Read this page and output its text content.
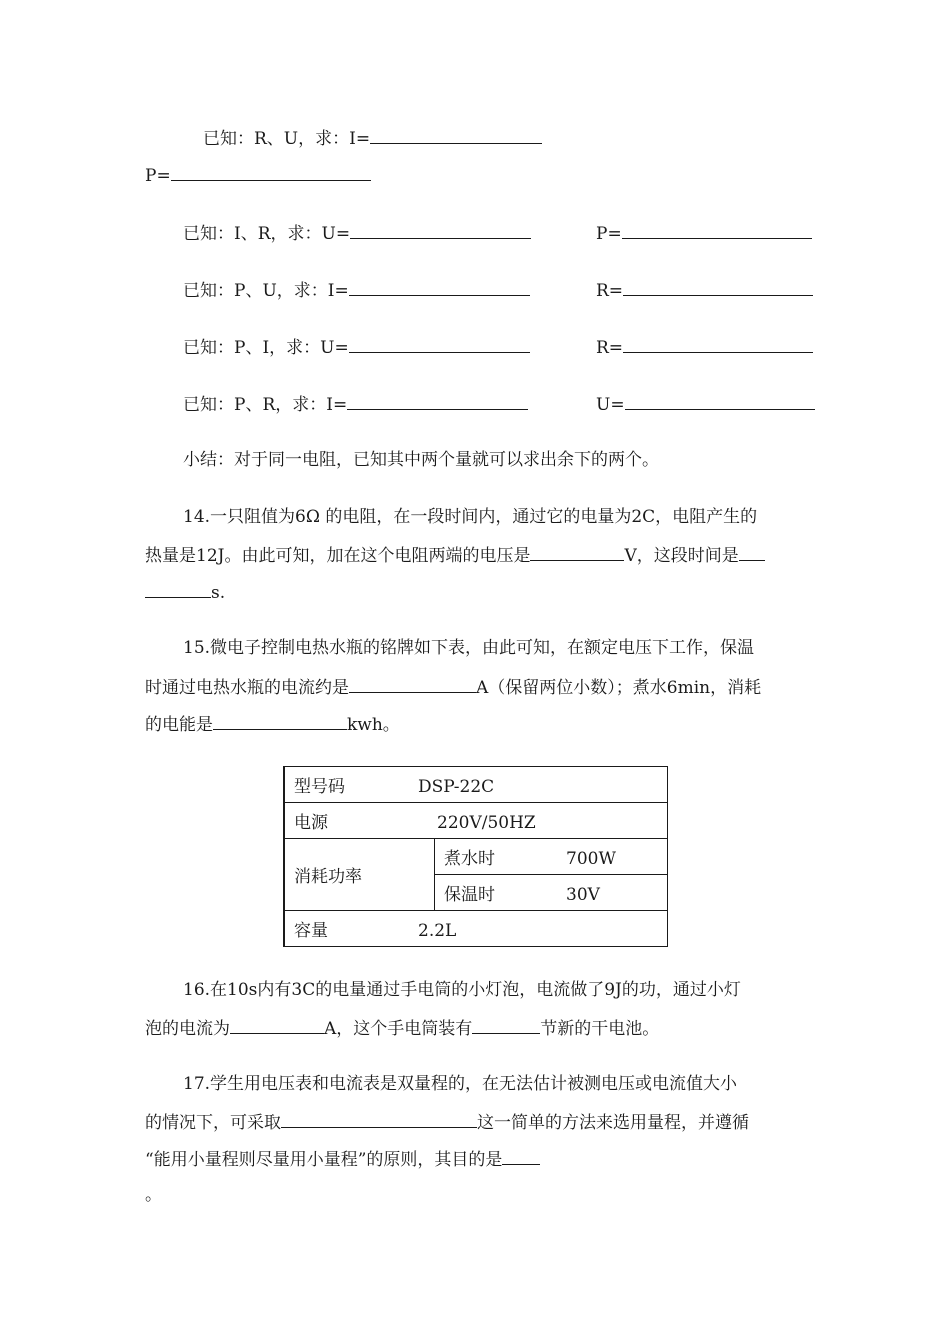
已知：R、U，求：I=
P=
已知：I、R，求：U=	P=
已知：P、U，求：I=	R=
已知：P、I，求：U=	R=
已知：P、R，求：I=	U=
小结：对于同一电阻，已知其中两个量就可以求出余下的两个。
14.一只阻值为6Ω 的电阻，在一段时间内，通过它的电量为2C，电阻产生的
热量是12J。由此可知，加在这个电阻两端的电压是	V，这段时间是
s.
15.微电子控制电热水瓶的铭牌如下表，由此可知，在额定电压下工作，保温
时通过电热水瓶的电流约是	A（保留两位小数）；煮水6min，消耗
的电能是	kwh。
型号码	DSP-22C
电源	220V/50HZ
消耗功率	煮水时	700W
保温时	30V
容量	2.2L
16.在10s内有3C的电量通过手电筒的小灯泡，电流做了9J的功，通过小灯
泡的电流为	A，这个手电筒装有	节新的干电池。
17.学生用电压表和电流表是双量程的，在无法估计被测电压或电流值大小
的情况下，可采取	这一简单的方法来选用量程，并遵循
“能用小量程则尽量用小量程”的原则，其目的是
。
